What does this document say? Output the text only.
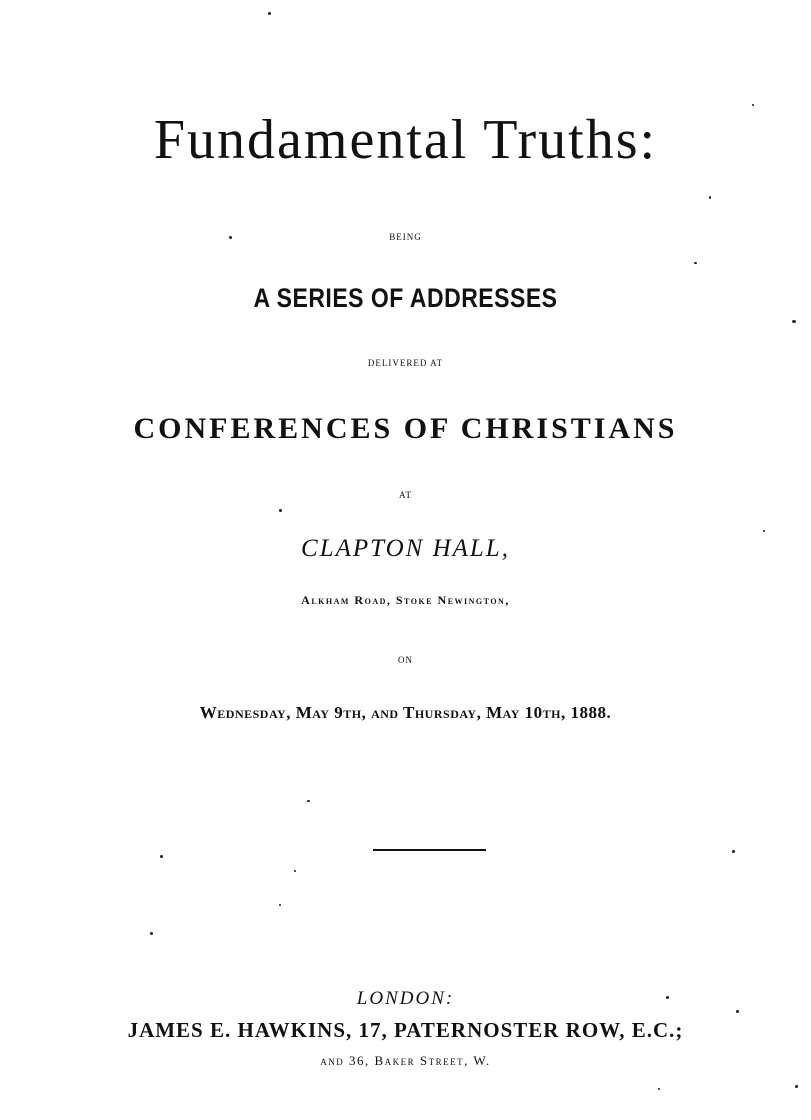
Fundamental Truths:
BEING
A SERIES OF ADDRESSES
DELIVERED AT
CONFERENCES OF CHRISTIANS
AT
CLAPTON HALL,
Alkham Road, Stoke Newington,
ON
Wednesday, May 9th, and Thursday, May 10th, 1888.
LONDON:
JAMES E. HAWKINS, 17, PATERNOSTER ROW, E.C.;
and 36, Baker Street, W.
